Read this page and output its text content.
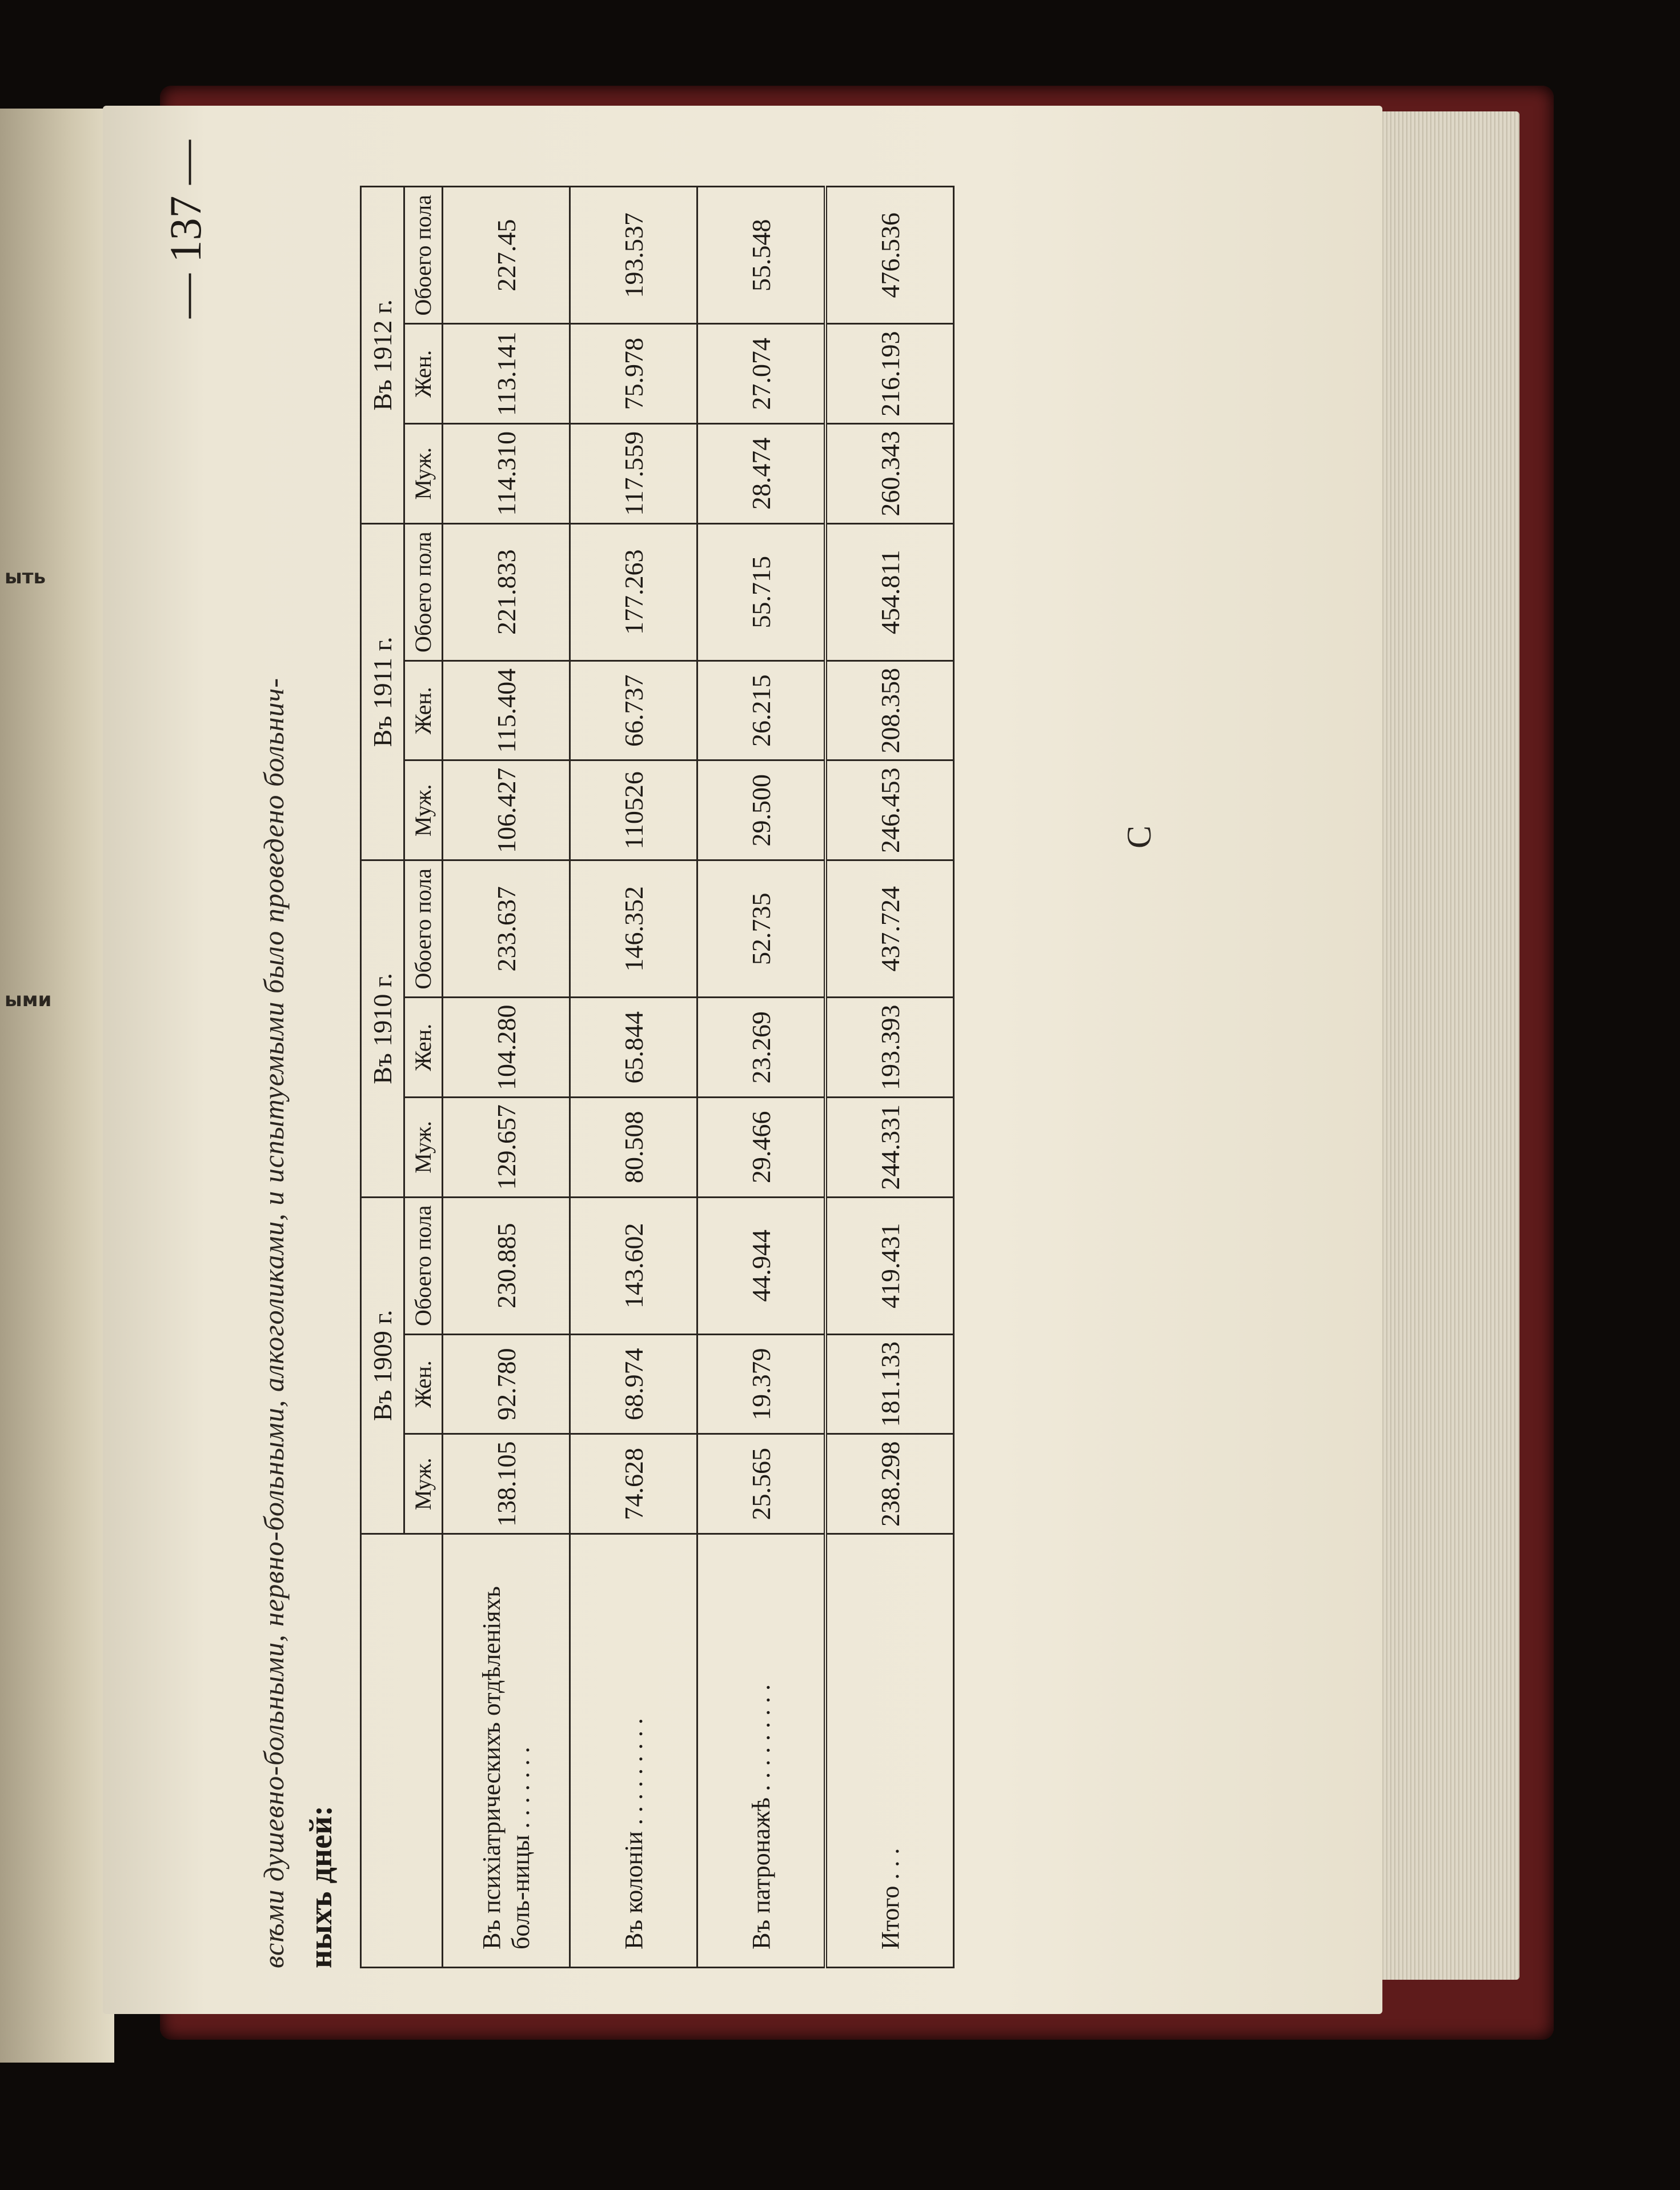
ыть
ыми

— 137 —
всѣми душевно-больными, нервно-больными, алкоголиками, и испытуемыми было проведено больнич- ныхъ дней:
	Въ 1909 г.			Въ 1910 г.			Въ 1911 г.			Въ 1912 г.		
	Муж.	Жен.	Обоего пола	Муж.	Жен.	Обоего пола	Муж.	Жен.	Обоего пола	Муж.	Жен.	Обоего пола
Въ психіатрическихъ отдѣленіяхъ боль-ницы . . . . . . .	138.105	92.780	230.885	129.657	104.280	233.637	106.427	115.404	221.833	114.310	113.141	227.45
Въ колоніи . . . . . . . . .	74.628	68.974	143.602	80.508	65.844	146.352	110526	66.737	177.263	117.559	75.978	193.537
Въ патронажѣ . . . . . . . . .	25.565	19.379	44.944	29.466	23.269	52.735	29.500	26.215	55.715	28.474	27.074	55.548
Итого . . .	238.298	181.133	419.431	244.331	193.393	437.724	246.453	208.358	454.811	260.343	216.193	476.536
С
